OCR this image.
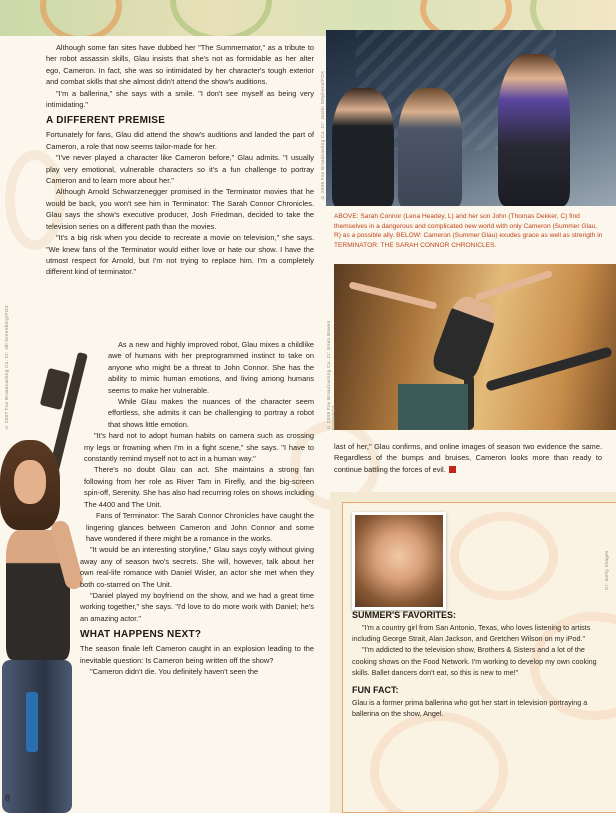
© 2007 Fox Broadcasting Co. Cr: Jill Greenberg/FOX

Although some fan sites have dubbed her "The Summernator," as a tribute to her robot assassin skills, Glau insists that she's not as formidable as her alter ego, Cameron. In fact, she was so intimidated by her character's tough exterior and combat skills that she almost didn't attend the show's auditions.

"I'm a ballerina," she says with a smile. "I don't see myself as being very intimidating."

A DIFFERENT PREMISE

Fortunately for fans, Glau did attend the show's auditions and landed the part of Cameron, a role that now seems tailor-made for her.

"I've never played a character like Cameron before," Glau admits. "I usually play very emotional, vulnerable characters so it's a fun challenge to portray Cameron and to learn more about her."

Although Arnold Schwarzenegger promised in the Terminator movies that he would be back, you won't see him in Terminator: The Sarah Connor Chronicles. Glau says the show's executive producer, Josh Friedman, decided to take the television series on a different path than the movies.

"It's a big risk when you decide to recreate a movie on television," she says. "We knew fans of the Terminator would either love or hate our show. I have the utmost respect for Arnold, but I'm not trying to replace him. I'm a completely different kind of terminator."

As a new and highly improved robot, Glau mixes a childlike awe of humans with her preprogrammed instinct to take on anyone who might be a threat to John Connor. She has the ability to mimic human emotions, and living among humans seems to make her vulnerable.

While Glau makes the nuances of the character seem effortless, she admits it can be challenging to portray a robot that shows little emotion.

"It's hard not to adopt human habits on camera such as crossing my legs or frowning when I'm in a fight scene," she says. "I have to constantly remind myself not to act in a human way."

There's no doubt Glau can act. She maintains a strong fan following from her role as River Tam in Firefly, and the big-screen spin-off, Serenity. She has also had recurring roles on shows including The 4400 and The Unit.

Fans of Terminator: The Sarah Connor Chronicles have caught the lingering glances between Cameron and John Connor and some have wondered if there might be a romance in the works.

"It would be an interesting storyline," Glau says coyly without giving away any of season two's secrets. She will, however, talk about her own real-life romance with Daniel Wisler, an actor she met when they both co-starred on The Unit.

"Daniel played my boyfriend on the show, and we had a great time working together," she says. "I'd love to do more work with Daniel; he's an amazing actor."

WHAT HAPPENS NEXT?

The season finale left Cameron caught in an explosion leading to the inevitable question: Is Cameron being written off the show?

"Cameron didn't die. You definitely haven't seen the

8
© 2008 Fox Broadcasting Co. Cr: Justin Stephens/FOX
ABOVE: Sarah Connor (Lena Headey, L) and her son John (Thomas Dekker, C) find themselves in a dangerous and complicated new world with only Cameron (Summer Glau, R) as a possible ally. BELOW: Cameron (Summer Glau) exudes grace as well as strength in TERMINATOR: THE SARAH CONNOR CHRONICLES.
© 2008 Fox Broadcasting Co. Cr: Brian Bowen Smith/FOX

last of her," Glau confirms, and online images of season two evidence the same. Regardless of the bumps and bruises, Cameron looks more than ready to continue battling the forces of evil.

Cr: Getty Images
SUMMER'S FAVORITES:

"I'm a country girl from San Antonio, Texas, who loves listening to artists including George Strait, Alan Jackson, and Gretchen Wilson on my iPod."

"I'm addicted to the television show, Brothers & Sisters and a lot of the cooking shows on the Food Network. I'm working to develop my own cooking skills. Ballet dancers don't eat, so this is new to me!"

FUN FACT:

Glau is a former prima ballerina who got her start in television portraying a ballerina on the show, Angel.
